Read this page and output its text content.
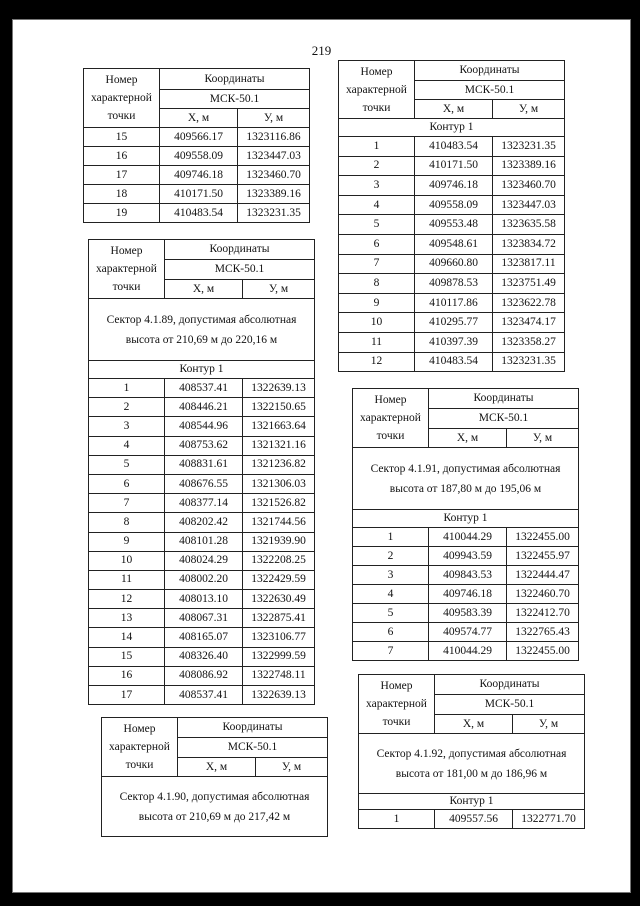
219
Номер характерной точки	Координаты	
	МСК-50.1	
	X, м	У, м
15	409566.17	1323116.86
16	409558.09	1323447.03
17	409746.18	1323460.70
18	410171.50	1323389.16
19	410483.54	1323231.35
Номер характерной точки	Координаты	
	МСК-50.1	
	X, м	У, м
Сектор 4.1.89, допустимая абсолютная высота от 210,69 м до 220,16 м		
Контур 1		
1	408537.41	1322639.13
2	408446.21	1322150.65
3	408544.96	1321663.64
4	408753.62	1321321.16
5	408831.61	1321236.82
6	408676.55	1321306.03
7	408377.14	1321526.82
8	408202.42	1321744.56
9	408101.28	1321939.90
10	408024.29	1322208.25
11	408002.20	1322429.59
12	408013.10	1322630.49
13	408067.31	1322875.41
14	408165.07	1323106.77
15	408326.40	1322999.59
16	408086.92	1322748.11
17	408537.41	1322639.13
Номер характерной точки	Координаты	
	МСК-50.1	
	X, м	У, м
Сектор 4.1.90, допустимая абсолютная высота от 210,69 м до 217,42 м		
Номер характерной точки	Координаты	
	МСК-50.1	
	X, м	У, м
Контур 1		
1	410483.54	1323231.35
2	410171.50	1323389.16
3	409746.18	1323460.70
4	409558.09	1323447.03
5	409553.48	1323635.58
6	409548.61	1323834.72
7	409660.80	1323817.11
8	409878.53	1323751.49
9	410117.86	1323622.78
10	410295.77	1323474.17
11	410397.39	1323358.27
12	410483.54	1323231.35
Номер характерной точки	Координаты	
	МСК-50.1	
	X, м	У, м
Сектор 4.1.91, допустимая абсолютная высота от 187,80 м до 195,06 м		
Контур 1		
1	410044.29	1322455.00
2	409943.59	1322455.97
3	409843.53	1322444.47
4	409746.18	1322460.70
5	409583.39	1322412.70
6	409574.77	1322765.43
7	410044.29	1322455.00
Номер характерной точки	Координаты	
	МСК-50.1	
	X, м	У, м
Сектор 4.1.92, допустимая абсолютная высота от 181,00 м до 186,96 м		
Контур 1		
1	409557.56	1322771.70
